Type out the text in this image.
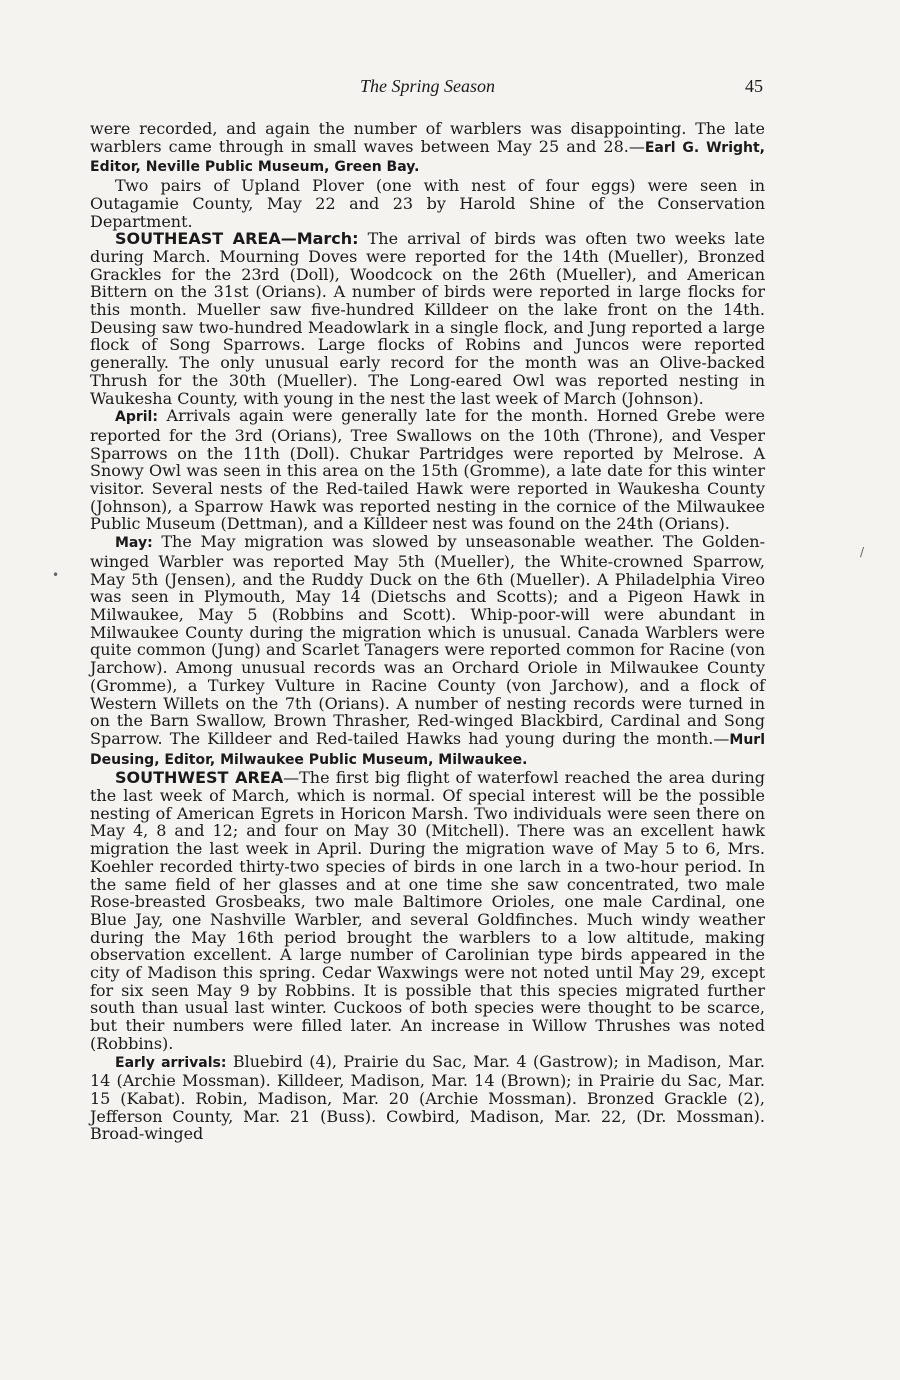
The Spring Season	45

were recorded, and again the number of warblers was disappointing. The late warblers came through in small waves between May 25 and 28.—Earl G. Wright, Editor, Neville Public Museum, Green Bay.

Two pairs of Upland Plover (one with nest of four eggs) were seen in Outagamie County, May 22 and 23 by Harold Shine of the Conservation Department.

SOUTHEAST AREA—March: The arrival of birds was often two weeks late during March. Mourning Doves were reported for the 14th (Mueller), Bronzed Grackles for the 23rd (Doll), Woodcock on the 26th (Mueller), and American Bittern on the 31st (Orians). A number of birds were reported in large flocks for this month. Mueller saw five-hundred Killdeer on the lake front on the 14th. Deusing saw two-hundred Meadowlark in a single flock, and Jung reported a large flock of Song Sparrows. Large flocks of Robins and Juncos were reported generally. The only unusual early record for the month was an Olive-backed Thrush for the 30th (Mueller). The Long-eared Owl was reported nesting in Waukesha County, with young in the nest the last week of March (Johnson).

April: Arrivals again were generally late for the month. Horned Grebe were reported for the 3rd (Orians), Tree Swallows on the 10th (Throne), and Vesper Sparrows on the 11th (Doll). Chukar Partridges were reported by Melrose. A Snowy Owl was seen in this area on the 15th (Gromme), a late date for this winter visitor. Several nests of the Red-tailed Hawk were reported in Waukesha County (Johnson), a Sparrow Hawk was reported nesting in the cornice of the Milwaukee Public Museum (Dettman), and a Killdeer nest was found on the 24th (Orians).

May: The May migration was slowed by unseasonable weather. The Golden-winged Warbler was reported May 5th (Mueller), the White-crowned Sparrow, May 5th (Jensen), and the Ruddy Duck on the 6th (Mueller). A Philadelphia Vireo was seen in Plymouth, May 14 (Dietschs and Scotts); and a Pigeon Hawk in Milwaukee, May 5 (Robbins and Scott). Whip-poor-will were abundant in Milwaukee County during the migration which is unusual. Canada Warblers were quite common (Jung) and Scarlet Tanagers were reported common for Racine (von Jarchow). Among unusual records was an Orchard Oriole in Milwaukee County (Gromme), a Turkey Vulture in Racine County (von Jarchow), and a flock of Western Willets on the 7th (Orians). A number of nesting records were turned in on the Barn Swallow, Brown Thrasher, Red-winged Blackbird, Cardinal and Song Sparrow. The Killdeer and Red-tailed Hawks had young during the month.—Murl Deusing, Editor, Milwaukee Public Museum, Milwaukee.

SOUTHWEST AREA—The first big flight of waterfowl reached the area during the last week of March, which is normal. Of special interest will be the possible nesting of American Egrets in Horicon Marsh. Two individuals were seen there on May 4, 8 and 12; and four on May 30 (Mitchell). There was an excellent hawk migration the last week in April. During the migration wave of May 5 to 6, Mrs. Koehler recorded thirty-two species of birds in one larch in a two-hour period. In the same field of her glasses and at one time she saw concentrated, two male Rose-breasted Grosbeaks, two male Baltimore Orioles, one male Cardinal, one Blue Jay, one Nashville Warbler, and several Goldfinches. Much windy weather during the May 16th period brought the warblers to a low altitude, making observation excellent. A large number of Carolinian type birds appeared in the city of Madison this spring. Cedar Waxwings were not noted until May 29, except for six seen May 9 by Robbins. It is possible that this species migrated further south than usual last winter. Cuckoos of both species were thought to be scarce, but their numbers were filled later. An increase in Willow Thrushes was noted (Robbins).

Early arrivals: Bluebird (4), Prairie du Sac, Mar. 4 (Gastrow); in Madison, Mar. 14 (Archie Mossman). Killdeer, Madison, Mar. 14 (Brown); in Prairie du Sac, Mar. 15 (Kabat). Robin, Madison, Mar. 20 (Archie Mossman). Bronzed Grackle (2), Jefferson County, Mar. 21 (Buss). Cowbird, Madison, Mar. 22, (Dr. Mossman). Broad-winged

•
/
